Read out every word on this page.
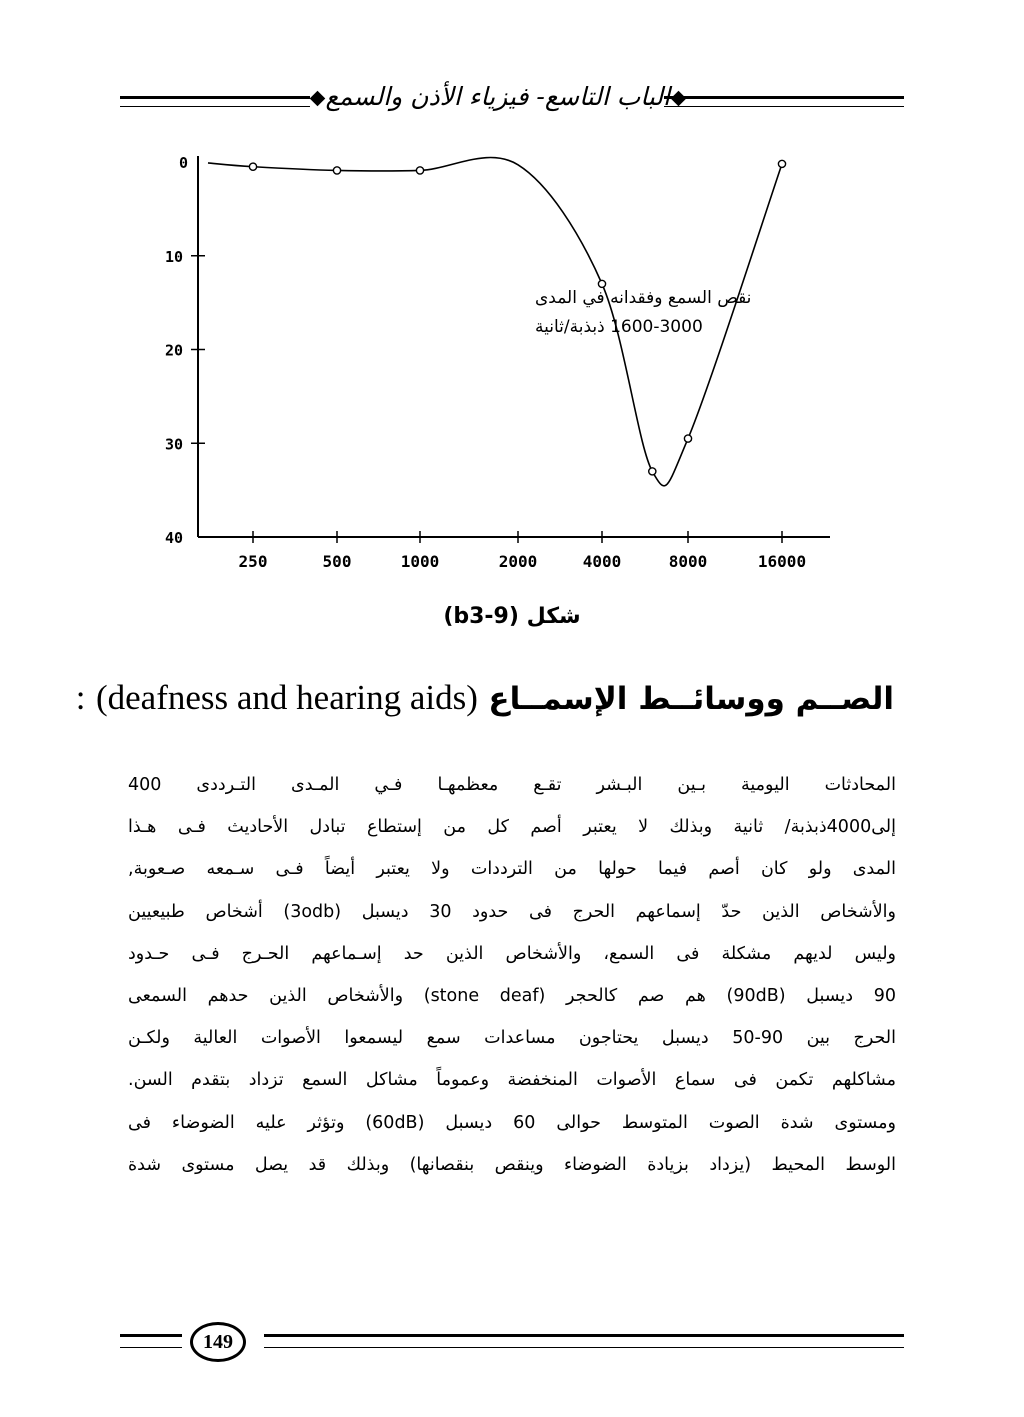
الباب التاسع- فيزياء الأذن والسمع
0
10
20
30
40
250	500	1000	2000	4000	8000	16000
نقص السمع وفقدانه في المدى
1600-3000 ذبذبة/ثانية
شكل (b3-9)
الصــم ووسائــط الإسمــاع (deafness and hearing aids) :
المحادثات اليومية بـين البـشر تقـع معظمهـا فـي المـدى التـرددى 400
إلى4000ذبذبة/ ثانية وبذلك لا يعتبر أصم كل من إستطاع تبادل الأحاديث فـى هـذا
المدى ولو كان أصم فيما حولها من الترددات ولا يعتبر أيضاً فـى سـمعه صـعوبة,
والأشخاص الذين حدّ إسماعهم الحرج فى حدود 30 ديسبل (3odb) أشخاص طبيعيين
وليس لديهم مشكلة فى السمع، والأشخاص الذين حد إسـماعهم الحـرج فـى حـدود
90 ديسبل (90dB) هم صم كالحجر (stone deaf) والأشخاص الذين حدهم السمعى
الحرج بين 90-50 ديسبل يحتاجون مساعدات سمع ليسمعوا الأصوات العالية ولكـن
مشاكلهم تكمن فى سماع الأصوات المنخفضة وعموماً مشاكل السمع تزداد بتقدم السن.
ومستوى شدة الصوت المتوسط حوالى 60 ديسبل (60dB) وتؤثر عليه الضوضاء فى
الوسط المحيط (يزداد بزيادة الضوضاء وينقص بنقصانها) وبذلك قد يصل مستوى شدة
149
